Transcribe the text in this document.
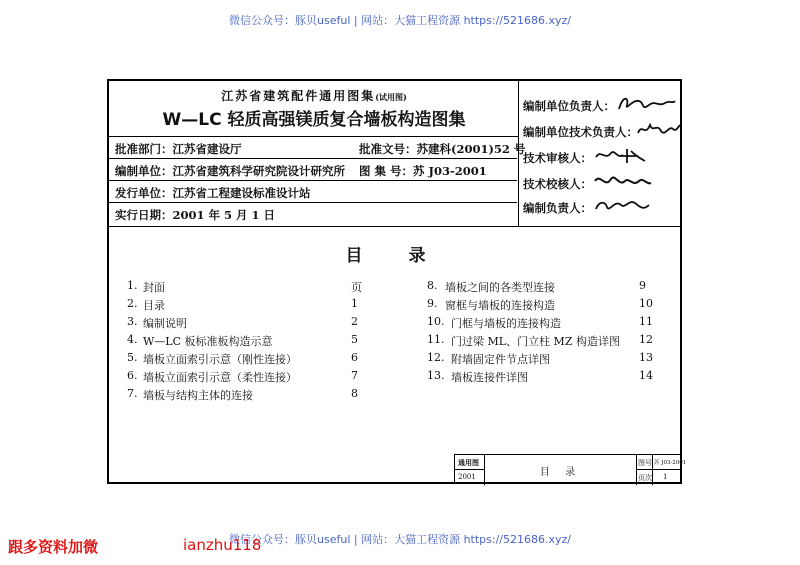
微信公众号：豚贝useful | 网站：大猫工程资源 https://521686.xyz/
微信公众号：豚贝useful | 网站：大猫工程资源 https://521686.xyz/
跟多资料加微	ianzhu118
江苏省建筑配件通用图集(试用图)
W—LC 轻质高强镁质复合墙板构造图集
批准部门：江苏省建设厅	批准文号：苏建科(2001)52 号
编制单位：江苏省建筑科学研究院设计研究所 图 集 号：苏 J03-2001
发行单位：江苏省工程建设标准设计站
实行日期：2001 年 5 月 1 日
编制单位负责人：
编制单位技术负责人：
技术审核人：
技术校核人：
编制负责人：
目 录
页
1. 封面
2. 目录	1
3. 编制说明	2
4. W—LC 板标准板构造示意	5
5. 墙板立面索引示意（刚性连接）	6
6. 墙板立面索引示意（柔性连接）	7
7. 墙板与结构主体的连接	8
8. 墙板之间的各类型连接	9
9. 窗框与墙板的连接构造	10
10. 门框与墙板的连接构造	11
11. 门过梁 ML、门立柱 MZ 构造详图 12
12. 附墙固定件节点详图	13
13. 墙板连接件详图	14
通用图
2001	目 录
图号 苏 J03-2001
页次	1
